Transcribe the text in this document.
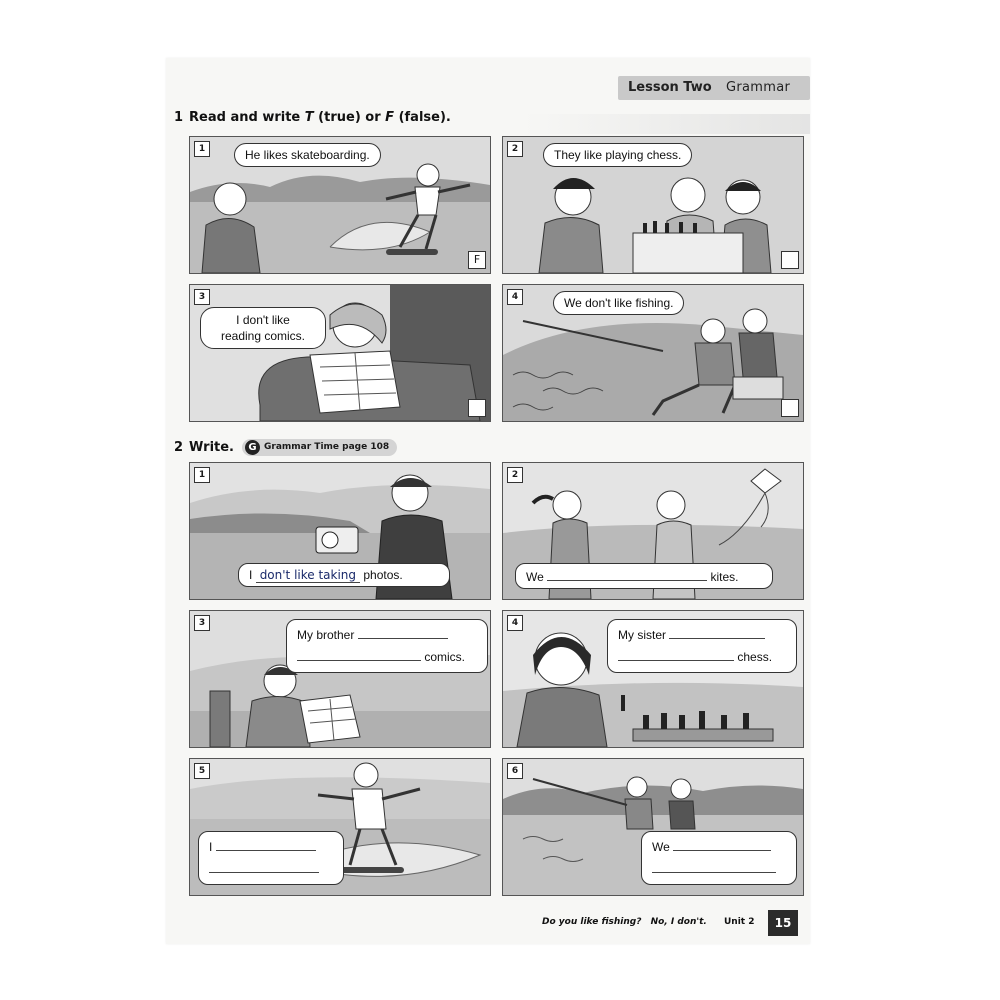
Lesson Two Grammar
1 Read and write T (true) or F (false).
1	He likes skateboarding.
F
2	They like playing chess.
3
I don't like
reading comics.
4	We don't like fishing.
2 Write.	G Grammar Time page 108
1
I don't like taking photos.
2
We	kites.
3
My brother
comics.
4
My sister
chess.
5
I
6
We
Do you like fishing? No, I don't. Unit 2	15
